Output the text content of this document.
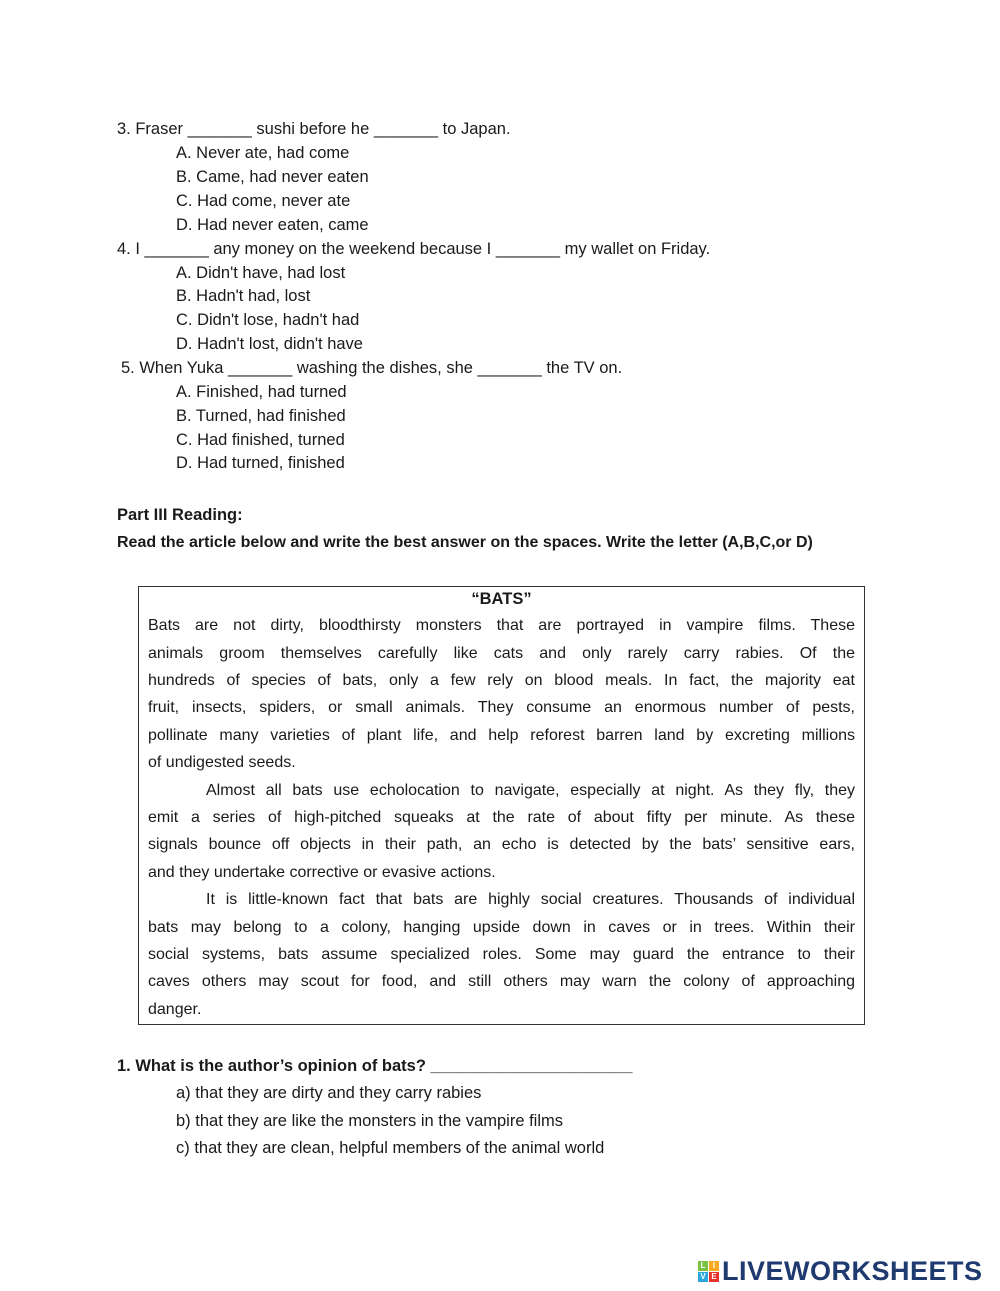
3. Fraser _______ sushi before he _______ to Japan.
A. Never ate, had come
B. Came, had never eaten
C. Had come, never ate
D. Had never eaten, came
4. I _______ any money on the weekend because I _______ my wallet on Friday.
A. Didn't have, had lost
B. Hadn't had, lost
C. Didn't lose, hadn't had
D. Hadn't lost, didn't have
5. When Yuka _______ washing the dishes, she _______ the TV on.
A. Finished, had turned
B. Turned, had finished
C. Had finished, turned
D. Had turned, finished
Part III Reading:
Read the article below and write the best answer on the spaces. Write the letter (A,B,C,or D)
“BATS”
Bats are not dirty, bloodthirsty monsters that are portrayed in vampire films. These
animals groom themselves carefully like cats and only rarely carry rabies. Of the
hundreds of species of bats, only a few rely on blood meals. In fact, the majority eat
fruit, insects, spiders, or small animals. They consume an enormous number of pests,
pollinate many varieties of plant life, and help reforest barren land by excreting millions
of undigested seeds.
Almost all bats use echolocation to navigate, especially at night. As they fly, they
emit a series of high-pitched squeaks at the rate of about fifty per minute. As these
signals bounce off objects in their path, an echo is detected by the bats’ sensitive ears,
and they undertake corrective or evasive actions.
It is little-known fact that bats are highly social creatures. Thousands of individual
bats may belong to a colony, hanging upside down in caves or in trees. Within their
social systems, bats assume specialized roles. Some may guard the entrance to their
caves others may scout for food, and still others may warn the colony of approaching
danger.
1. What is the author’s opinion of bats? ______________________
a) that they are dirty and they carry rabies
b) that they are like the monsters in the vampire films
c) that they are clean, helpful members of the animal world
L I
V E LIVEWORKSHEETS
